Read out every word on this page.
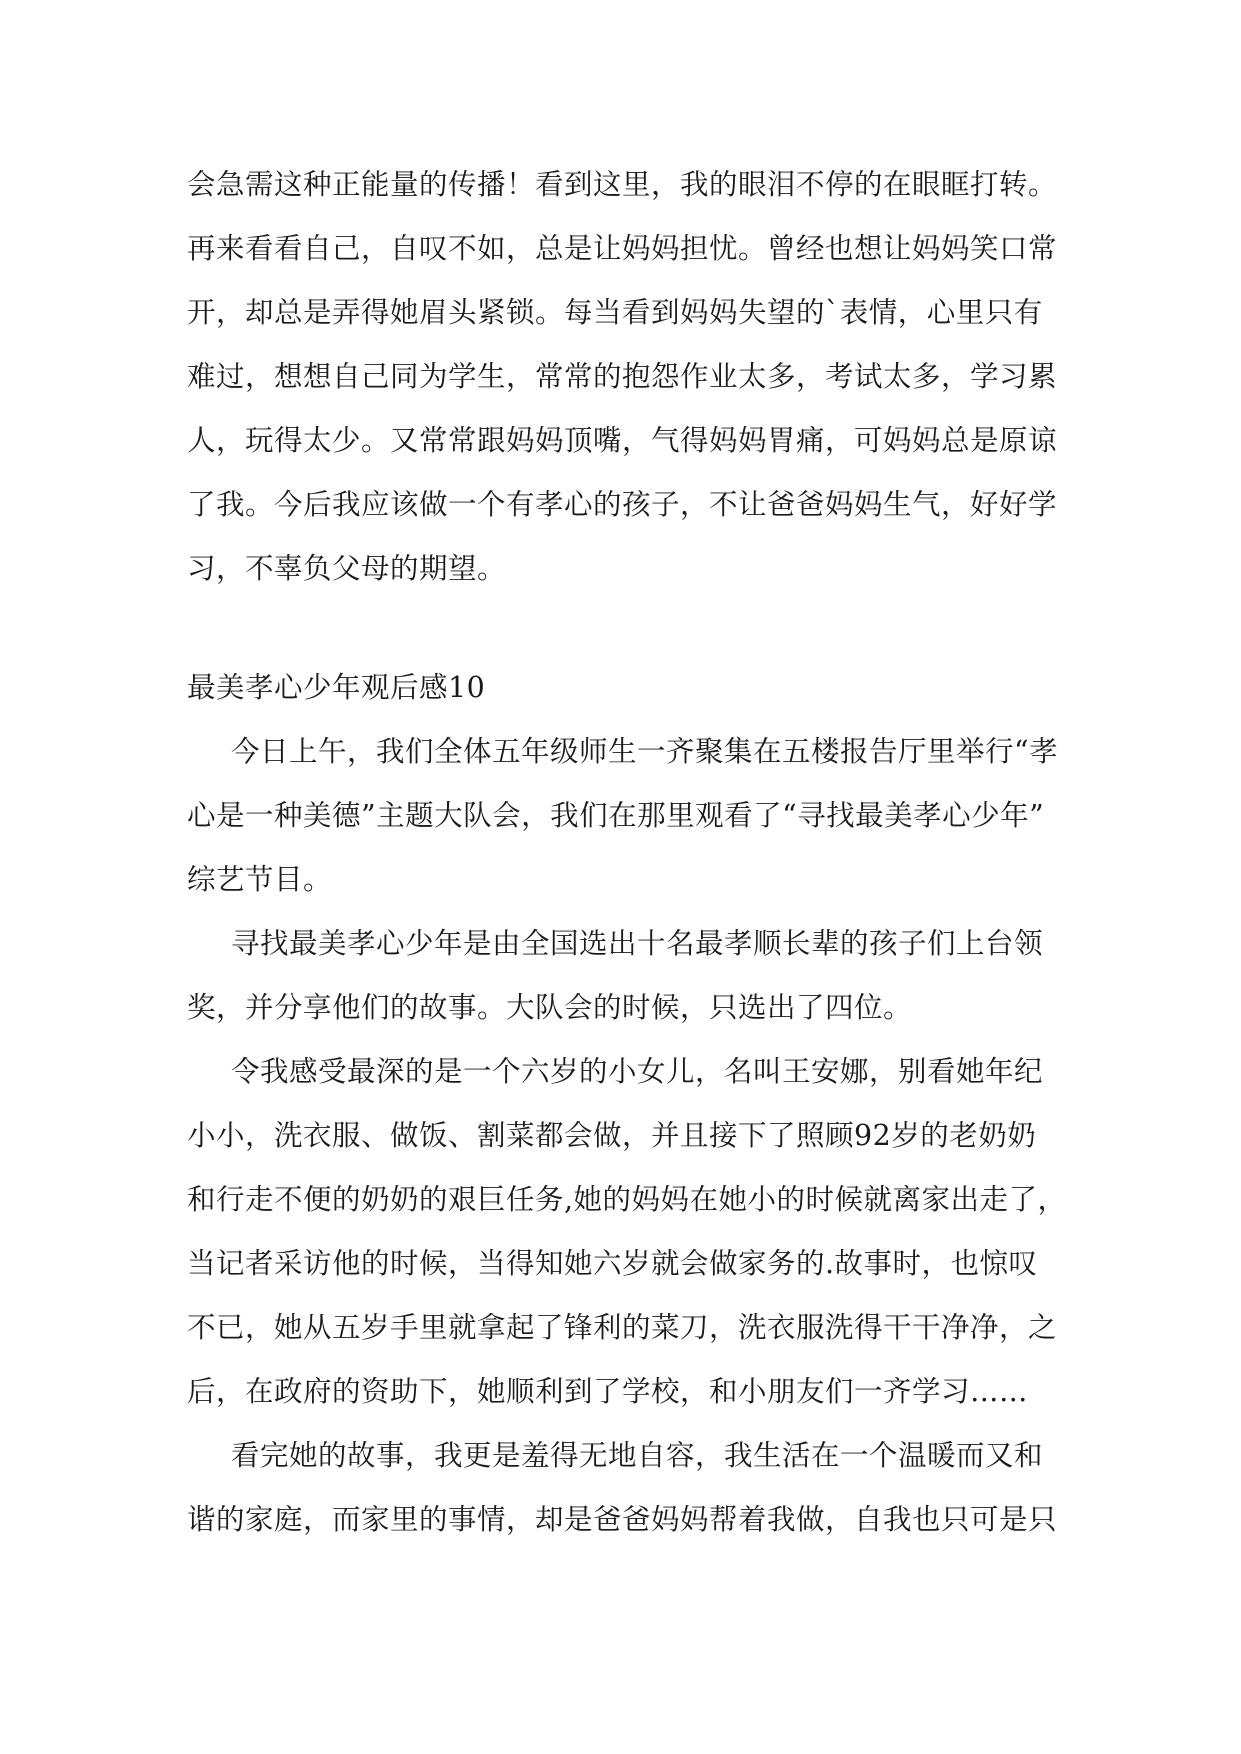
会急需这种正能量的传播！看到这里，我的眼泪不停的在眼眶打转。
再来看看自己，自叹不如，总是让妈妈担忧。曾经也想让妈妈笑口常
开，却总是弄得她眉头紧锁。每当看到妈妈失望的`表情，心里只有
难过，想想自己同为学生，常常的抱怨作业太多，考试太多，学习累
人，玩得太少。又常常跟妈妈顶嘴，气得妈妈胃痛，可妈妈总是原谅
了我。今后我应该做一个有孝心的孩子，不让爸爸妈妈生气，好好学
习，不辜负父母的期望。
最美孝心少年观后感10
今日上午，我们全体五年级师生一齐聚集在五楼报告厅里举行“孝
心是一种美德”主题大队会，我们在那里观看了“寻找最美孝心少年”
综艺节目。
寻找最美孝心少年是由全国选出十名最孝顺长辈的孩子们上台领
奖，并分享他们的故事。大队会的时候，只选出了四位。
令我感受最深的是一个六岁的小女儿，名叫王安娜，别看她年纪
小小，洗衣服、做饭、割菜都会做，并且接下了照顾92岁的老奶奶
和行走不便的奶奶的艰巨任务,她的妈妈在她小的时候就离家出走了，
当记者采访他的时候，当得知她六岁就会做家务的.故事时，也惊叹
不已，她从五岁手里就拿起了锋利的菜刀，洗衣服洗得干干净净，之
后，在政府的资助下，她顺利到了学校，和小朋友们一齐学习……
看完她的故事，我更是羞得无地自容，我生活在一个温暖而又和
谐的家庭，而家里的事情，却是爸爸妈妈帮着我做，自我也只可是只
